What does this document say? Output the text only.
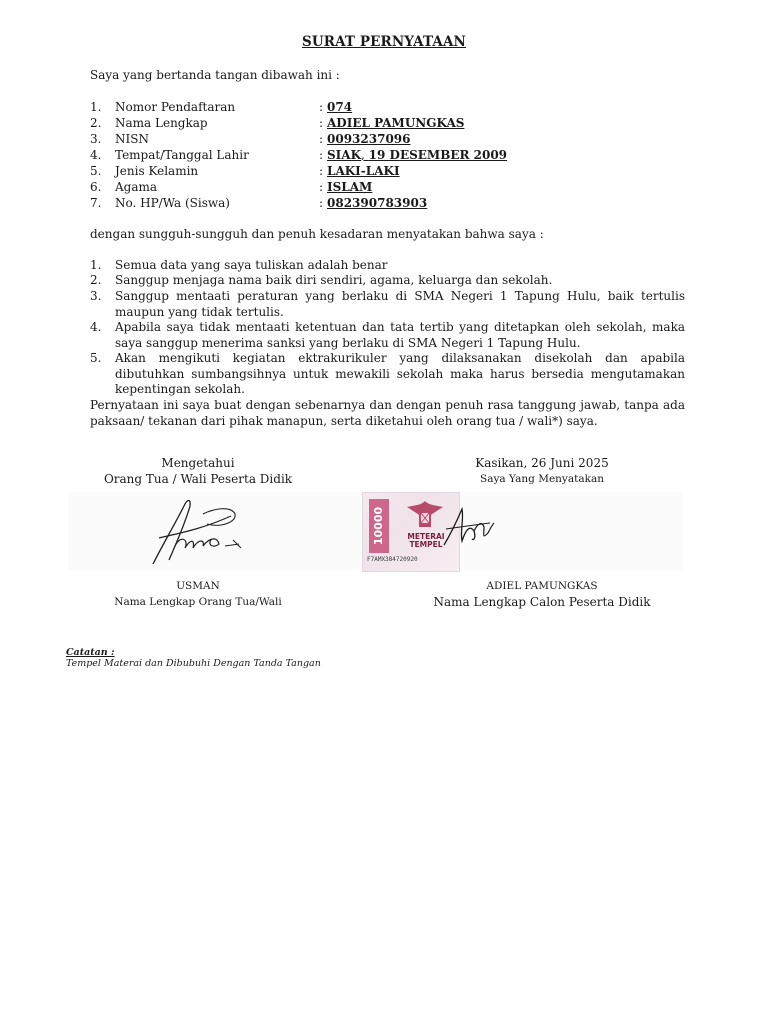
SURAT PERNYATAAN
Saya yang bertanda tangan dibawah ini :
1.	Nomor Pendaftaran	: 074
2.	Nama Lengkap	: ADIEL PAMUNGKAS
3.	NISN	: 0093237096
4.	Tempat/Tanggal Lahir	: SIAK, 19 DESEMBER 2009
5.	Jenis Kelamin	: LAKI-LAKI
6.	Agama	: ISLAM
7.	No. HP/Wa (Siswa)	: 082390783903
dengan sungguh-sungguh dan penuh kesadaran menyatakan bahwa saya :
1. Semua data yang saya tuliskan adalah benar
2. Sanggup menjaga nama baik diri sendiri, agama, keluarga dan sekolah.
3. Sanggup mentaati peraturan yang berlaku di SMA Negeri 1 Tapung Hulu, baik tertulis maupun yang tidak tertulis.
4. Apabila saya tidak mentaati ketentuan dan tata tertib yang ditetapkan oleh sekolah, maka saya sanggup menerima sanksi yang berlaku di SMA Negeri 1 Tapung Hulu.
5. Akan mengikuti kegiatan ektrakurikuler yang dilaksanakan disekolah dan apabila dibutuhkan sumbangsihnya untuk mewakili sekolah maka harus bersedia mengutamakan kepentingan sekolah.
Pernyataan ini saya buat dengan sebenarnya dan dengan penuh rasa tanggung jawab, tanpa ada paksaan/ tekanan dari pihak manapun, serta diketahui oleh orang tua / wali*) saya.
Mengetahui
Orang Tua / Wali Peserta Didik
Kasikan, 26 Juni 2025
Saya Yang Menyatakan
10000	METERAI
TEMPEL
F7AMX384720920
USMAN
Nama Lengkap Orang Tua/Wali
ADIEL PAMUNGKAS
Nama Lengkap Calon Peserta Didik
Catatan :
Tempel Materai dan Dibubuhi Dengan Tanda Tangan
